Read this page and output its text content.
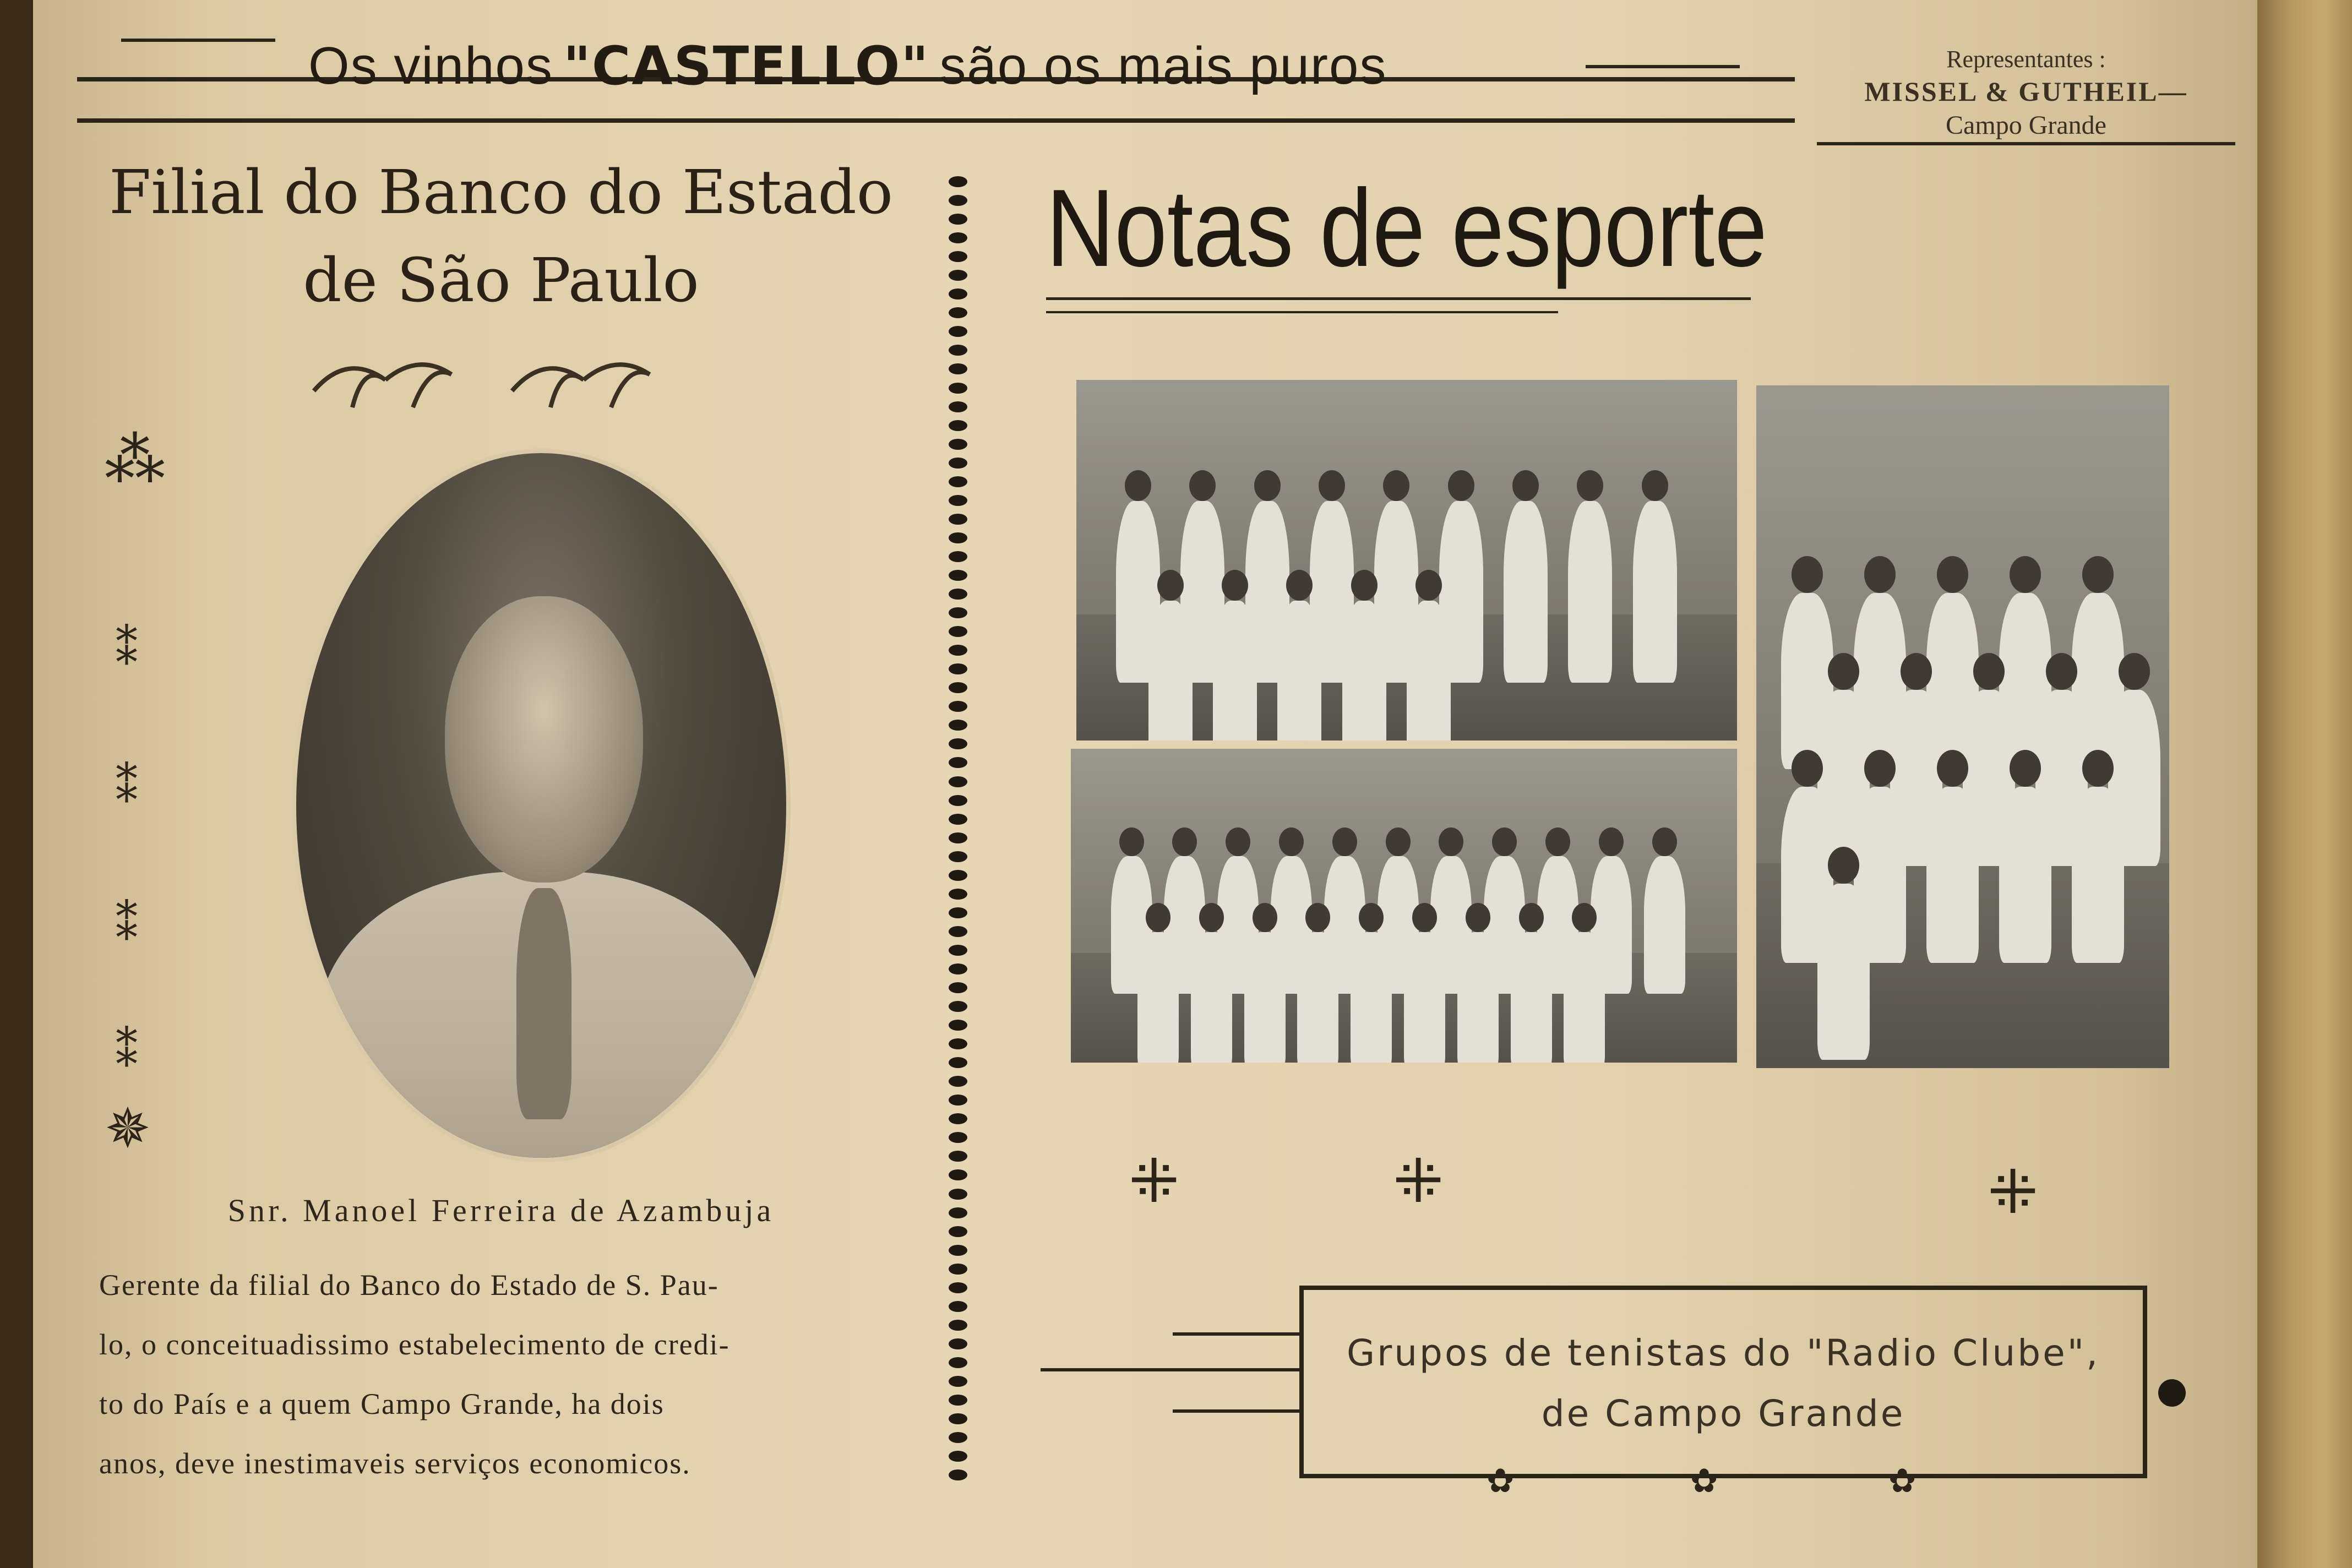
Os vinhos "CASTELLO" são os mais puros	Representantes :
MISSEL & GUTHEIL—
Campo Grande
Filial do Banco do Estado
de São Paulo
⁂
⁑
⁑
⁑
⁑
✵
Snr. Manoel Ferreira de Azambuja
Gerente da filial do Banco do Estado de S. Pau-
lo, o conceituadissimo estabelecimento de credi-
to do País e a quem Campo Grande, ha dois
anos, deve inestimaveis serviços economicos.
Notas de esporte
⁜	⁜	⁜
Grupos de tenistas do "Radio Clube",
de Campo Grande
✿	✿	✿
